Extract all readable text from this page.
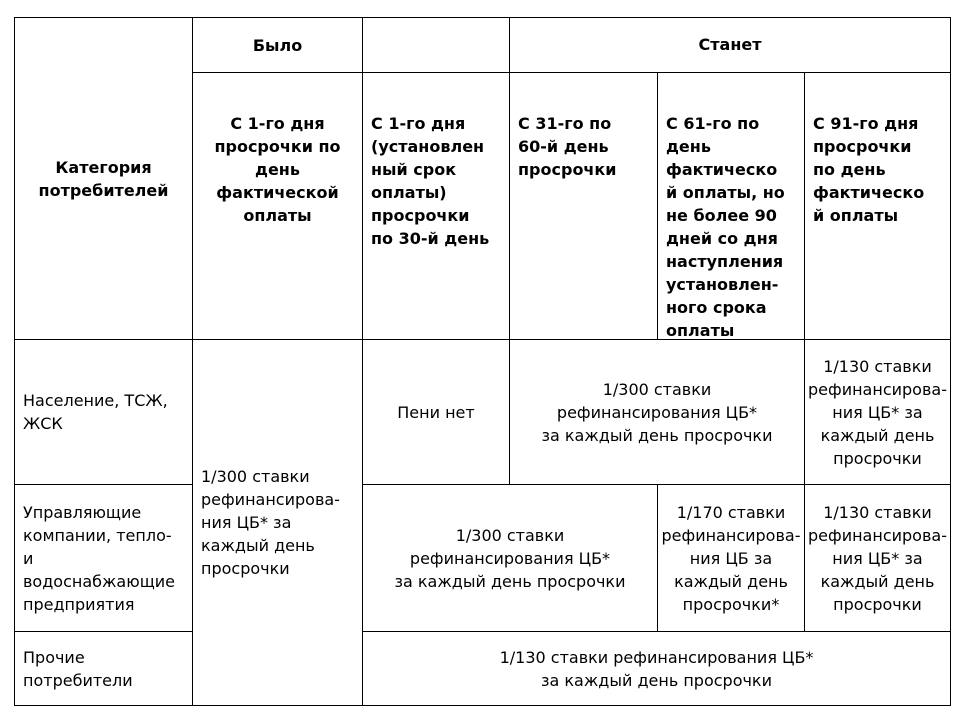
Категория
потребителей
Было	Станет

С 1-го дня
просрочки по
день
фактической
оплаты

С 1-го дня
(установлен
ный срок
оплаты)
просрочки
по 30-й день

С 31-го по
60-й день
просрочки

С 61-го по
день
фактическо
й оплаты, но
не более 90
дней со дня
наступления
установлен-
ного срока
оплаты

С 91-го дня
просрочки
по день
фактическо
й оплаты

Население, ТСЖ,
ЖСК
Управляющие
компании, тепло-
и
водоснабжающие
предприятия
Прочие
потребители
1/300 ставки
рефинансирова-
ния ЦБ* за
каждый день
просрочки
Пени нет
1/300 ставки
рефинансирования ЦБ*
за каждый день просрочки
1/130 ставки
рефинансирова-
ния ЦБ* за
каждый день
просрочки
1/300 ставки
рефинансирования ЦБ*
за каждый день просрочки
1/170 ставки
рефинансирова-
ния ЦБ за
каждый день
просрочки*
1/130 ставки
рефинансирова-
ния ЦБ* за
каждый день
просрочки
1/130 ставки рефинансирования ЦБ*
за каждый день просрочки
